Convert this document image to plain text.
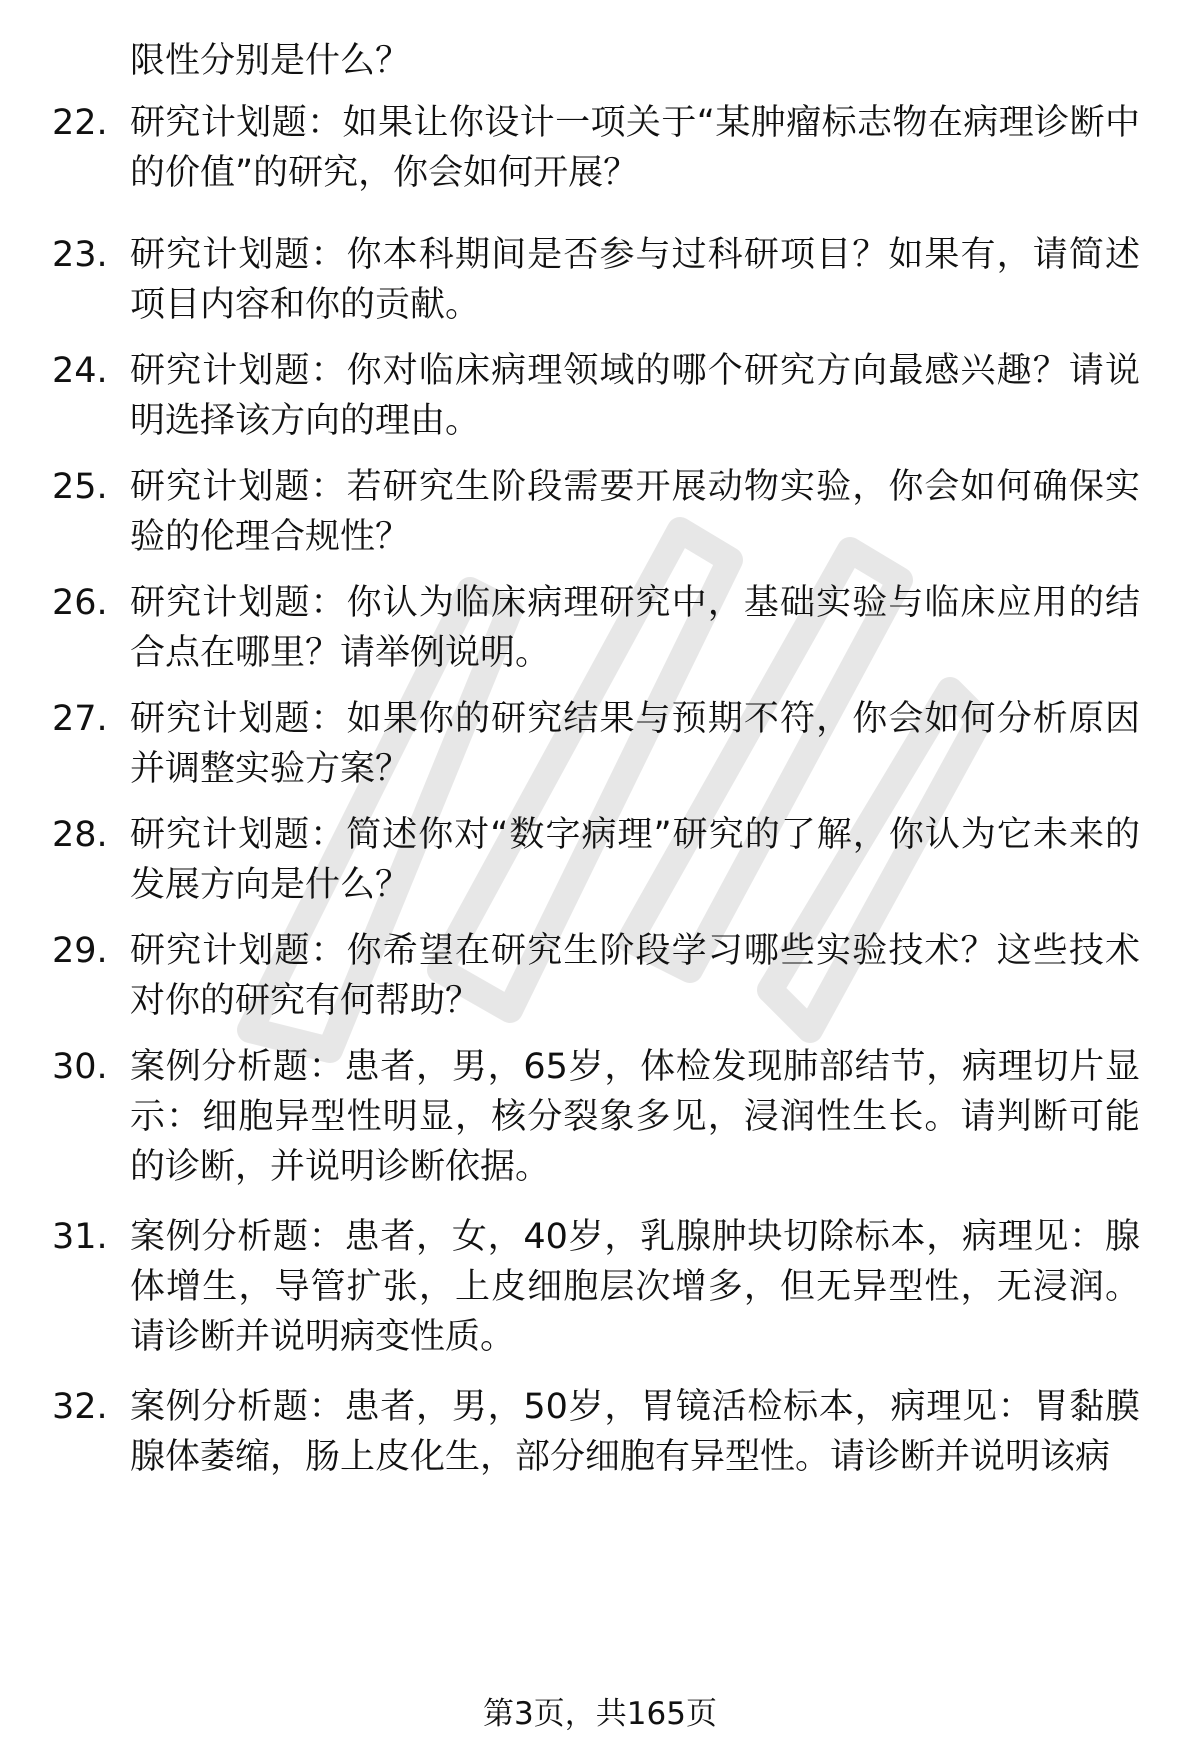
限性分别是什么？
22. 研究计划题：如果让你设计一项关于“某肿瘤标志物在病理诊断中的价值”的研究，你会如何开展？
23. 研究计划题：你本科期间是否参与过科研项目？如果有，请简述项目内容和你的贡献。
24. 研究计划题：你对临床病理领域的哪个研究方向最感兴趣？请说明选择该方向的理由。
25. 研究计划题：若研究生阶段需要开展动物实验，你会如何确保实验的伦理合规性？
26. 研究计划题：你认为临床病理研究中，基础实验与临床应用的结合点在哪里？请举例说明。
27. 研究计划题：如果你的研究结果与预期不符，你会如何分析原因并调整实验方案？
28. 研究计划题：简述你对“数字病理”研究的了解，你认为它未来的发展方向是什么？
29. 研究计划题：你希望在研究生阶段学习哪些实验技术？这些技术对你的研究有何帮助？
30. 案例分析题：患者，男，65岁，体检发现肺部结节，病理切片显示：细胞异型性明显，核分裂象多见，浸润性生长。请判断可能的诊断，并说明诊断依据。
31. 案例分析题：患者，女，40岁，乳腺肿块切除标本，病理见：腺体增生，导管扩张，上皮细胞层次增多，但无异型性，无浸润。请诊断并说明病变性质。
32. 案例分析题：患者，男，50岁，胃镜活检标本，病理见：胃黏膜腺体萎缩，肠上皮化生，部分细胞有异型性。请诊断并说明该病
第3页，共165页
